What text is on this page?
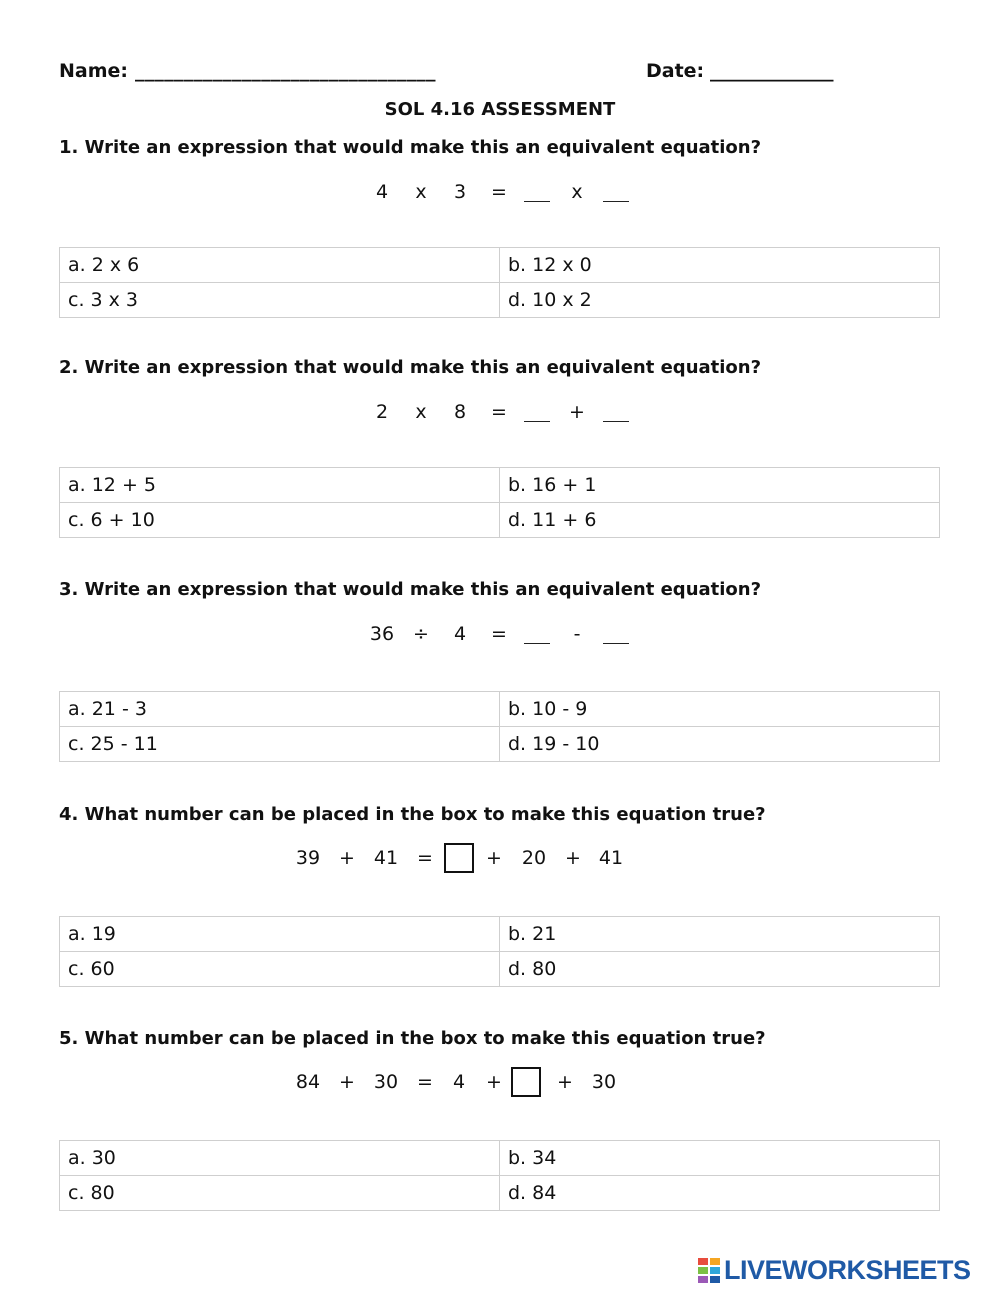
Name: _______________________________	Date: _____________
SOL 4.16 ASSESSMENT
1. Write an expression that would make this an equivalent equation?
4 x 3 =	x
a. 2 x 6	b. 12 x 0
c. 3 x 3	d. 10 x 2
2. Write an expression that would make this an equivalent equation?
2 x 8 =	+
a. 12 + 5	b. 16 + 1
c. 6 + 10	d. 11 + 6
3. Write an expression that would make this an equivalent equation?
36 ÷ 4 =	-
a. 21 - 3	b. 10 - 9
c. 25 - 11	d. 19 - 10
4. What number can be placed in the box to make this equation true?
39 + 41 =	+ 20 + 41
a. 19	b. 21
c. 60	d. 80
5. What number can be placed in the box to make this equation true?
84 + 30 = 4 +	+ 30
a. 30	b. 34
c. 80	d. 84
LIVEWORKSHEETS
